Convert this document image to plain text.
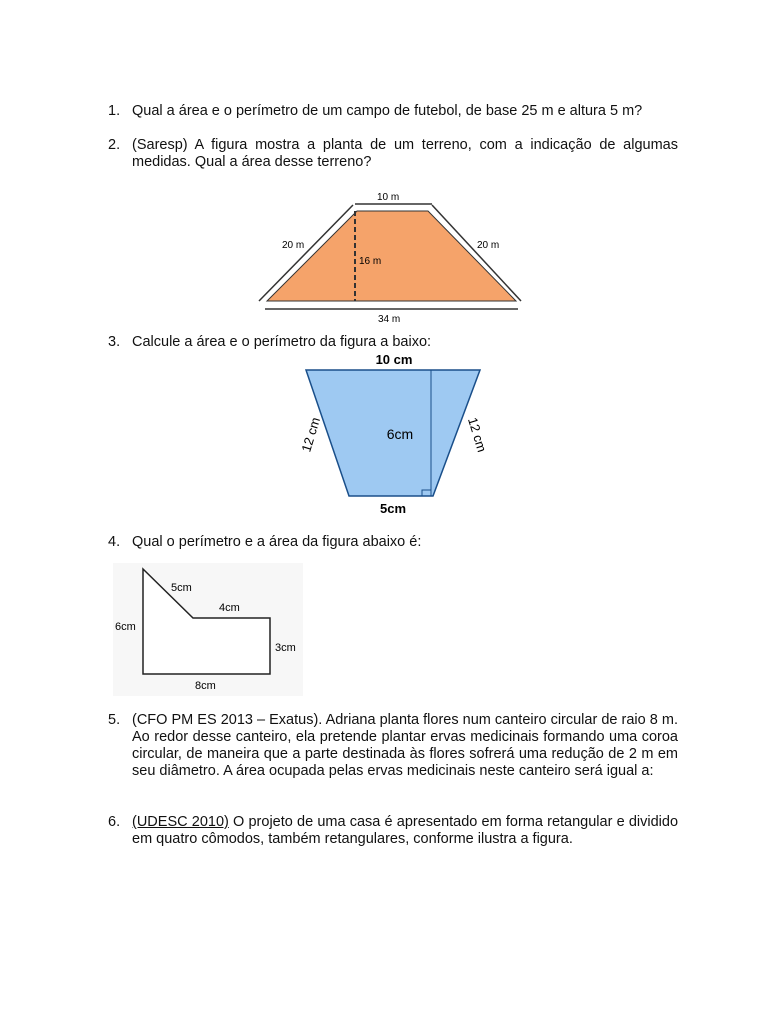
1. Qual a área e o perímetro de um campo de futebol, de base 25 m e altura 5 m?
2. (Saresp) A figura mostra a planta de um terreno, com a indicação de algumas medidas. Qual a área desse terreno?
10 m
20 m	20 m
16 m
34 m
3. Calcule a área e o perímetro da figura a baixo:
10 cm
6cm
5cm
12 cm	12 cm
4. Qual o perímetro e a área da figura abaixo é:
5cm
4cm
6cm
3cm
8cm
5. (CFO PM ES 2013 – Exatus). Adriana planta flores num canteiro circular de raio 8 m. Ao redor desse canteiro, ela pretende plantar ervas medicinais formando uma coroa circular, de maneira que a parte destinada às flores sofrerá uma redução de 2 m em seu diâmetro. A área ocupada pelas ervas medicinais neste canteiro será igual a:
6. (UDESC 2010) O projeto de uma casa é apresentado em forma retangular e dividido em quatro cômodos, também retangulares, conforme ilustra a figura.
